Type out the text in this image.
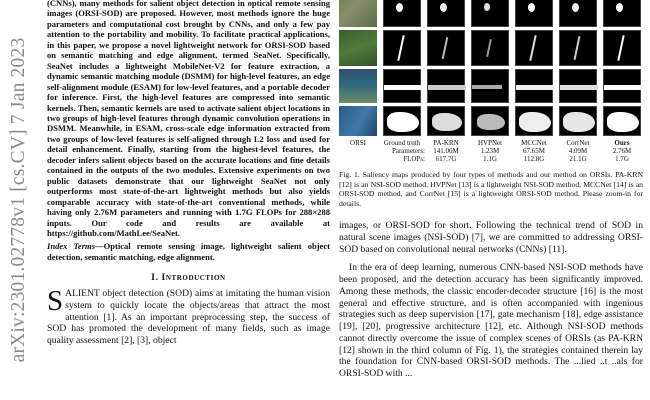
arXiv:2301.02778v1 [cs.CV] 7 Jan 2023

(CNNs), many methods for salient object detection in optical remote sensing images (ORSI-SOD) are proposed. However, most methods ignore the huge parameters and computational cost brought by CNNs, and only a few pay attention to the portability and mobility. To facilitate practical applications, in this paper, we propose a novel lightweight network for ORSI-SOD based on semantic matching and edge alignment, termed SeaNet. Specifically, SeaNet includes a lightweight MobileNet-V2 for feature extraction, a dynamic semantic matching module (DSMM) for high-level features, an edge self-alignment module (ESAM) for low-level features, and a portable decoder for inference. First, the high-level features are compressed into semantic kernels. Then, semantic kernels are used to activate salient object locations in two groups of high-level features through dynamic convolution operations in DSMM. Meanwhile, in ESAM, cross-scale edge information extracted from two groups of low-level features is self-aligned through L2 loss and used for detail enhancement. Finally, starting from the highest-level features, the decoder infers salient objects based on the accurate locations and fine details contained in the outputs of the two modules. Extensive experiments on two public datasets demonstrate that our lightweight SeaNet not only outperforms most state-of-the-art lightweight methods but also yields comparable accuracy with state-of-the-art conventional methods, while having only 2.76M parameters and running with 1.7G FLOPs for 288×288 inputs. Our code and results are available at https://github.com/MathLee/SeaNet.

Index Terms—Optical remote sensing image, lightweight salient object detection, semantic matching, edge alignment.

I. Introduction

SALIENT object detection (SOD) aims at imitating the human vision system to quickly locate the objects/areas that attract the most attention [1]. As an important preprocessing step, the success of SOD has promoted the development of many fields, such as image quality assessment [2], [3], object

ORSI	Ground truth
Parameters:
FLOPs:
PA-KRN
141.06M
617.7G
HVPNet
1.23M
1.1G
MCCNet
67.65M
112.8G
CorrNet
4.09M
21.1G
Ours
2.76M
1.7G

Fig. 1. Saliency maps produced by four types of methods and our method on ORSIs. PA-KRN [12] is an NSI-SOD method, HVPNet [13] is a lightweight NSI-SOD method, MCCNet [14] is an ORSI-SOD method, and CorrNet [15] is a lightweight ORSI-SOD method. Please zoom-in for details.

images, or ORSI-SOD for short. Following the technical trend of SOD in natural scene images (NSI-SOD) [7], we are committed to addressing ORSI-SOD based on convolutional neural networks (CNNs) [11].

In the era of deep learning, numerous CNN-based NSI-SOD methods have been proposed, and the detection accuracy has been significantly improved. Among these methods, the classic encoder-decoder structure [16] is the most general and effective structure, and is often accompanied with ingenious strategies such as deep supervision [17], gate mechanism [18], edge assistance [19], [20], progressive architecture [12], etc. Although NSI-SOD methods cannot directly overcome the issue of complex scenes of ORSIs (as PA-KRN [12] shown in the third column of Fig. 1), the strategies contained therein lay the foundation for CNN-based ORSI-SOD methods. The ...lied ..t ..als for ORSI-SOD with ...
